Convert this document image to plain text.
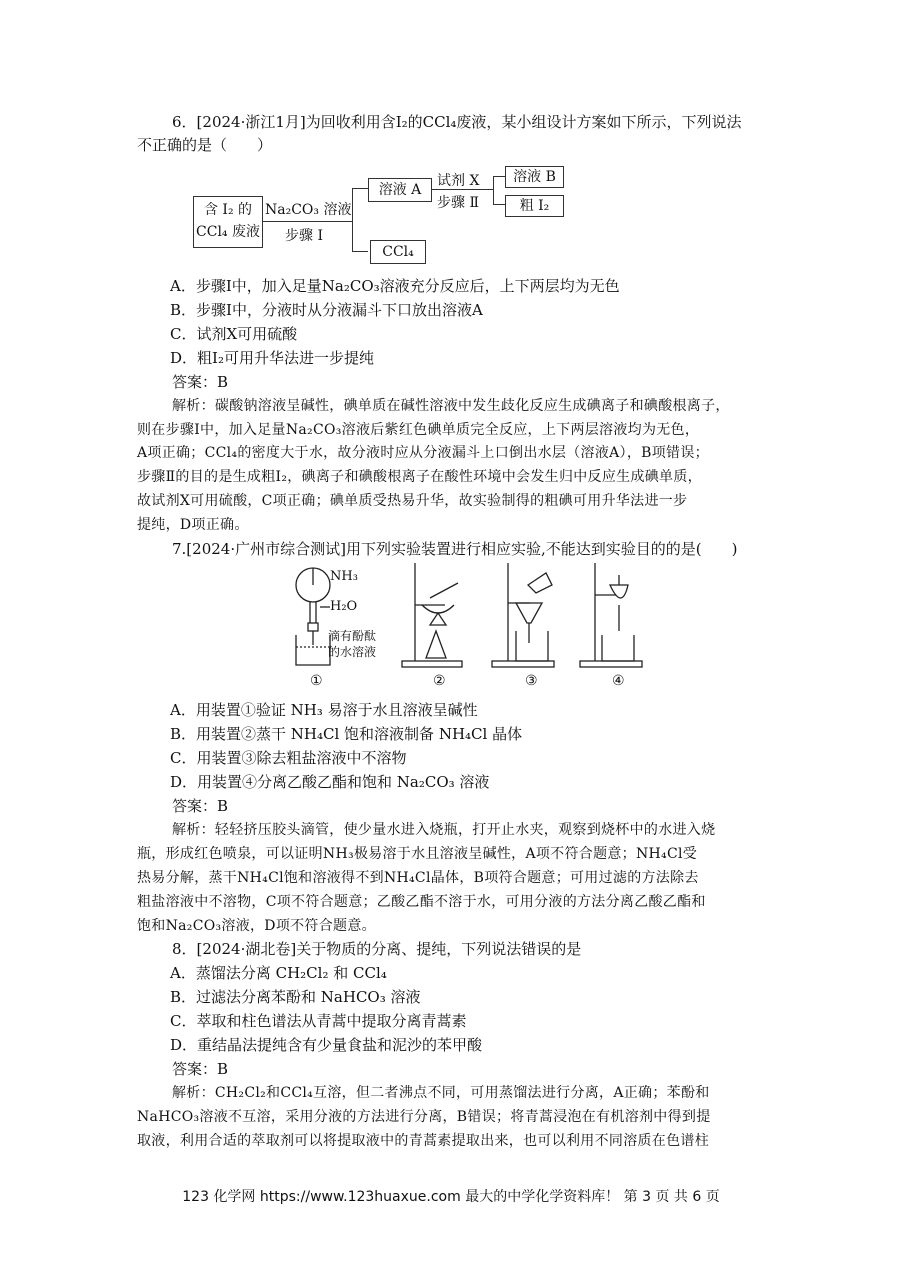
6．[2024·浙江1月]为回收利用含I₂的CCl₄废液，某小组设计方案如下所示，下列说法
不正确的是（　　）
含 I₂ 的
CCl₄ 废液
Na₂CO₃ 溶液
步骤 Ⅰ
溶液 A
CCl₄
试剂 X
步骤 Ⅱ
溶液 B
粗 I₂
A．步骤Ⅰ中，加入足量Na₂CO₃溶液充分反应后，上下两层均为无色
B．步骤Ⅰ中，分液时从分液漏斗下口放出溶液A
C．试剂X可用硫酸
D．粗I₂可用升华法进一步提纯
答案：B
解析：碳酸钠溶液呈碱性，碘单质在碱性溶液中发生歧化反应生成碘离子和碘酸根离子，
则在步骤Ⅰ中，加入足量Na₂CO₃溶液后紫红色碘单质完全反应，上下两层溶液均为无色，
A项正确；CCl₄的密度大于水，故分液时应从分液漏斗上口倒出水层（溶液A），B项错误；
步骤Ⅱ的目的是生成粗I₂，碘离子和碘酸根离子在酸性环境中会发生归中反应生成碘单质，
故试剂X可用硫酸，C项正确；碘单质受热易升华，故实验制得的粗碘可用升华法进一步
提纯，D项正确。
7.[2024·广州市综合测试]用下列实验装置进行相应实验,不能达到实验目的的是(　　)
NH₃
H₂O
滴有酚酞
的水溶液
①	②	③	④
A．用装置①验证 NH₃ 易溶于水且溶液呈碱性
B．用装置②蒸干 NH₄Cl 饱和溶液制备 NH₄Cl 晶体
C．用装置③除去粗盐溶液中不溶物
D．用装置④分离乙酸乙酯和饱和 Na₂CO₃ 溶液
答案：B
解析：轻轻挤压胶头滴管，使少量水进入烧瓶，打开止水夹，观察到烧杯中的水进入烧
瓶，形成红色喷泉，可以证明NH₃极易溶于水且溶液呈碱性，A项不符合题意；NH₄Cl受
热易分解，蒸干NH₄Cl饱和溶液得不到NH₄Cl晶体，B项符合题意；可用过滤的方法除去
粗盐溶液中不溶物，C项不符合题意；乙酸乙酯不溶于水，可用分液的方法分离乙酸乙酯和
饱和Na₂CO₃溶液，D项不符合题意。
8．[2024·湖北卷]关于物质的分离、提纯，下列说法错误的是
A．蒸馏法分离 CH₂Cl₂ 和 CCl₄
B．过滤法分离苯酚和 NaHCO₃ 溶液
C．萃取和柱色谱法从青蒿中提取分离青蒿素
D．重结晶法提纯含有少量食盐和泥沙的苯甲酸
答案：B
解析：CH₂Cl₂和CCl₄互溶，但二者沸点不同，可用蒸馏法进行分离，A正确；苯酚和
NaHCO₃溶液不互溶，采用分液的方法进行分离，B错误；将青蒿浸泡在有机溶剂中得到提
取液，利用合适的萃取剂可以将提取液中的青蒿素提取出来，也可以利用不同溶质在色谱柱
123 化学网 https://www.123huaxue.com 最大的中学化学资料库！ 第 3 页 共 6 页
